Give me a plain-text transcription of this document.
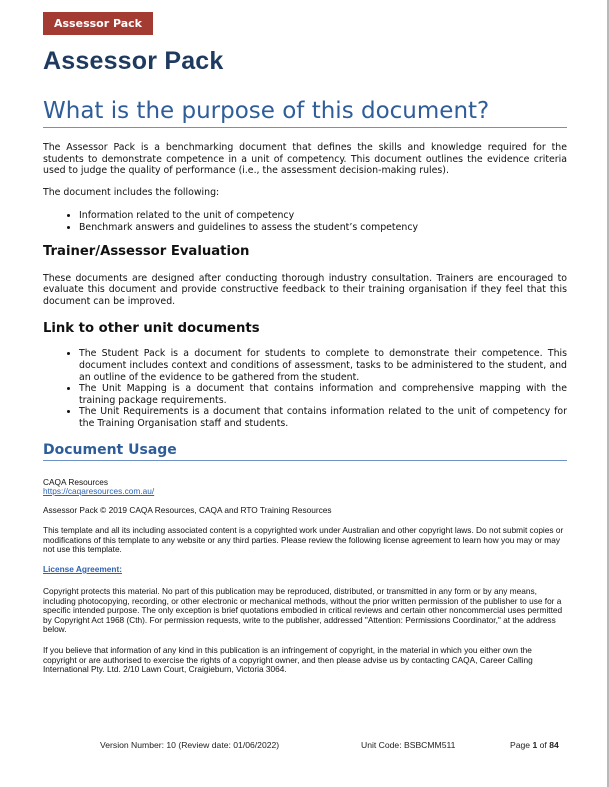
Assessor Pack
Assessor Pack
What is the purpose of this document?

The Assessor Pack is a benchmarking document that defines the skills and knowledge required for the students to demonstrate competence in a unit of competency. This document outlines the evidence criteria used to judge the quality of performance (i.e., the assessment decision-making rules).

The document includes the following:

• Information related to the unit of competency
• Benchmark answers and guidelines to assess the student’s competency
Trainer/Assessor Evaluation

These documents are designed after conducting thorough industry consultation. Trainers are encouraged to evaluate this document and provide constructive feedback to their training organisation if they feel that this document can be improved.

Link to other unit documents
• The Student Pack is a document for students to complete to demonstrate their competence. This document includes context and conditions of assessment, tasks to be administered to the student, and an outline of the evidence to be gathered from the student.
• The Unit Mapping is a document that contains information and comprehensive mapping with the training package requirements.
• The Unit Requirements is a document that contains information related to the unit of competency for the Training Organisation staff and students.
Document Usage

CAQA Resources

https://caqaresources.com.au/

Assessor Pack © 2019 CAQA Resources, CAQA and RTO Training Resources

This template and all its including associated content is a copyrighted work under Australian and other copyright laws. Do not submit copies or modifications of this template to any website or any third parties. Please review the following license agreement to learn how you may or may not use this template.

License Agreement:

Copyright protects this material. No part of this publication may be reproduced, distributed, or transmitted in any form or by any means, including photocopying, recording, or other electronic or mechanical methods, without the prior written permission of the publisher to use for a specific intended purpose. The only exception is brief quotations embodied in critical reviews and certain other noncommercial uses permitted by Copyright Act 1968 (Cth). For permission requests, write to the publisher, addressed "Attention: Permissions Coordinator," at the address below.

If you believe that information of any kind in this publication is an infringement of copyright, in the material in which you either own the copyright or are authorised to exercise the rights of a copyright owner, and then please advise us by contacting CAQA, Career Calling International Pty. Ltd. 2/10 Lawn Court, Craigieburn, Victoria 3064.

Version Number: 10 (Review date: 01/06/2022)	Unit Code: BSBCMM511	Page 1 of 84
